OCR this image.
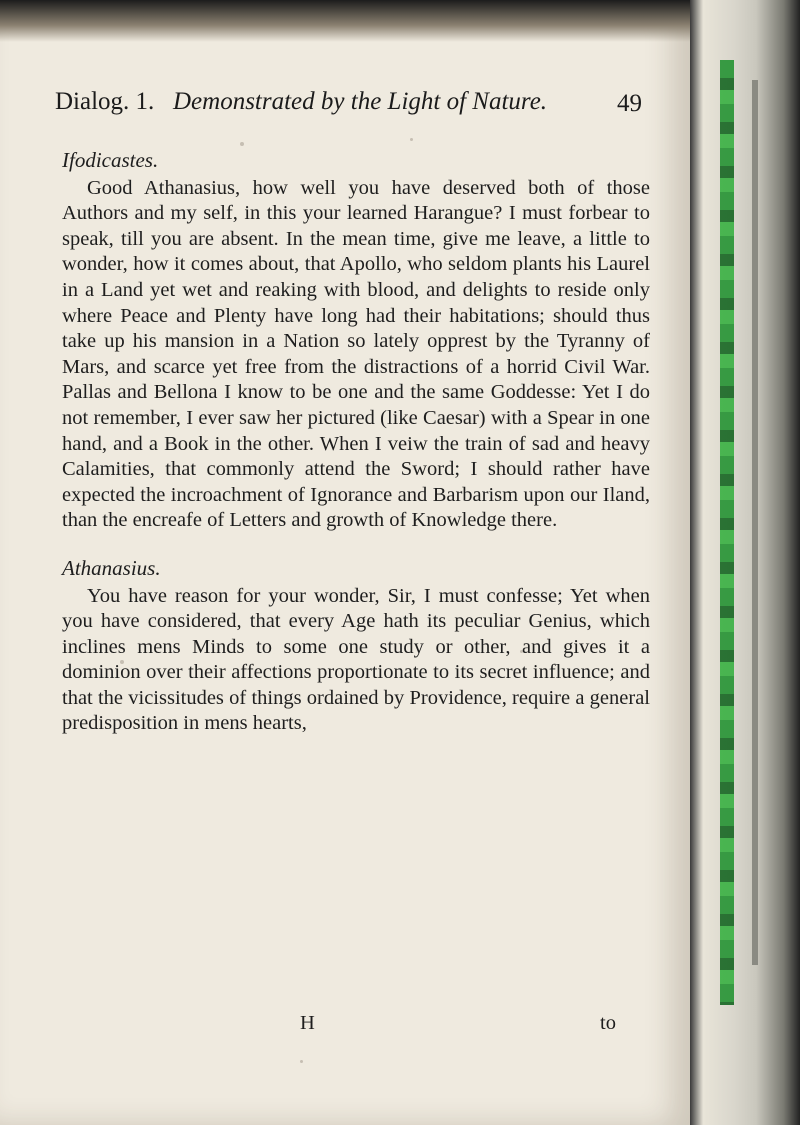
Dialog. 1. Demonstrated by the Light of Nature.	49

Ifodicastes.

Good Athanasius, how well you have deserved both of those Authors and my self, in this your learned Harangue? I must forbear to speak, till you are absent. In the mean time, give me leave, a little to wonder, how it comes about, that Apollo, who seldom plants his Laurel in a Land yet wet and reaking with blood, and delights to reside only where Peace and Plenty have long had their habitations; should thus take up his mansion in a Nation so lately opprest by the Tyranny of Mars, and scarce yet free from the distractions of a horrid Civil War. Pallas and Bellona I know to be one and the same Goddesse: Yet I do not remember, I ever saw her pictured (like Caesar) with a Spear in one hand, and a Book in the other. When I veiw the train of sad and heavy Calamities, that commonly attend the Sword; I should rather have expected the incroachment of Ignorance and Barbarism upon our Iland, than the encreafe of Letters and growth of Knowledge there.

Athanasius.

You have reason for your wonder, Sir, I must confesse; Yet when you have considered, that every Age hath its peculiar Genius, which inclines mens Minds to some one study or other, and gives it a dominion over their affections proportionate to its secret influence; and that the vicissitudes of things ordained by Providence, require a general predisposition in mens hearts,

H	to
